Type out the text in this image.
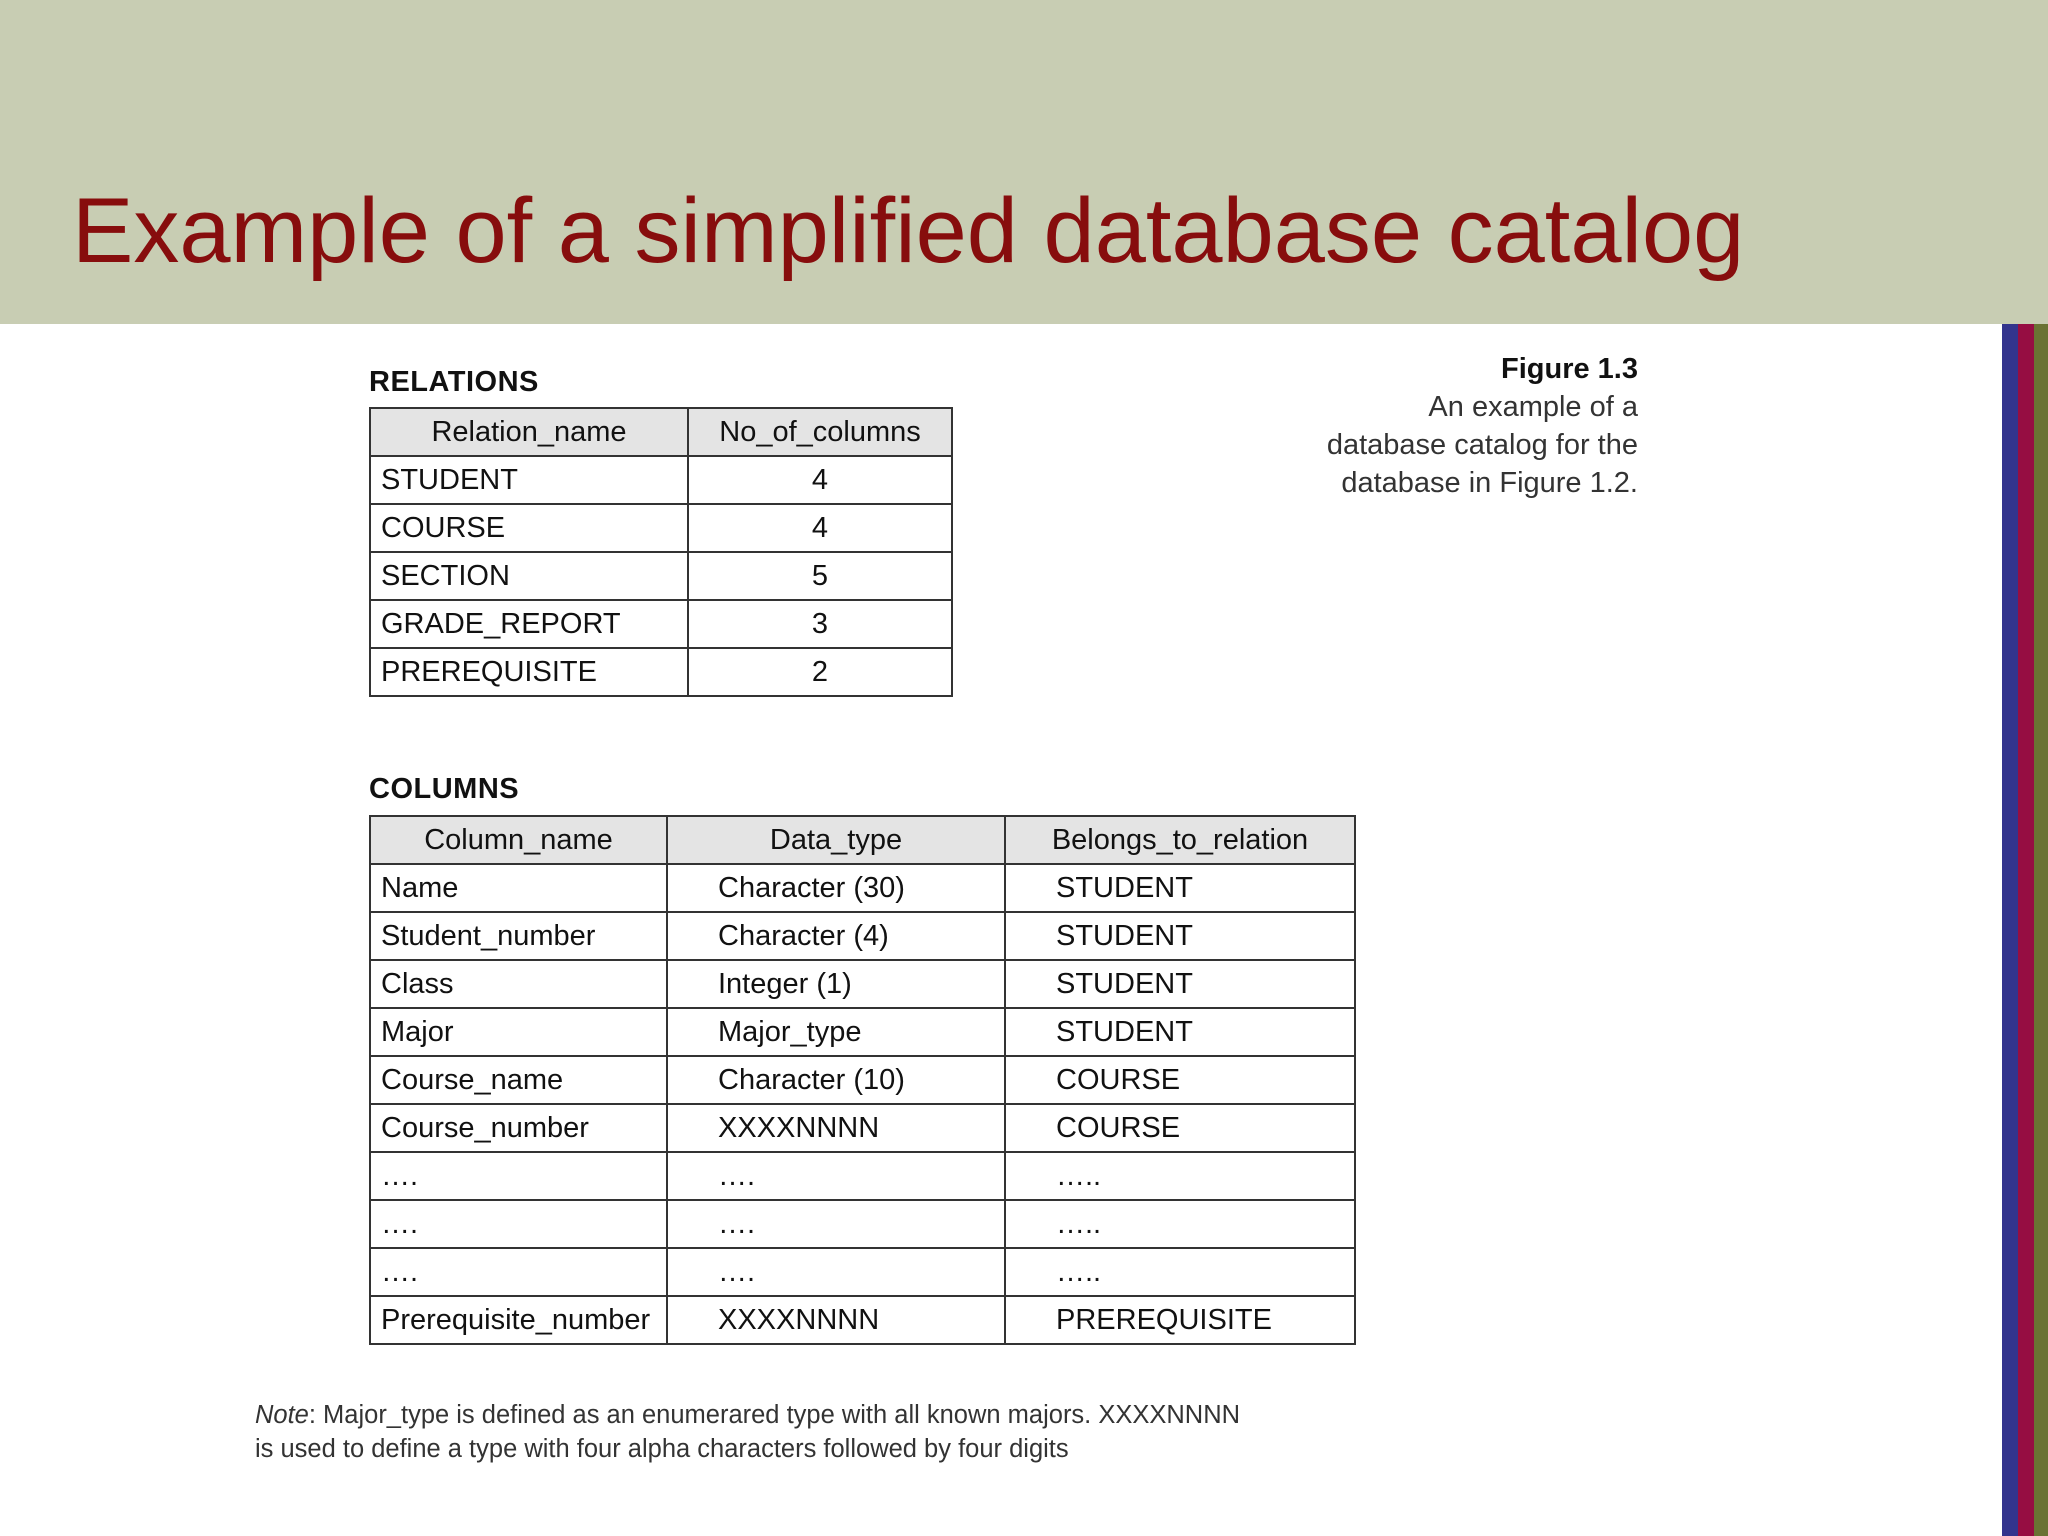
Example of a simplified database catalog
RELATIONS
Relation_name	No_of_columns
STUDENT	4
COURSE	4
SECTION	5
GRADE_REPORT	3
PREREQUISITE	2
COLUMNS
Column_name	Data_type	Belongs_to_relation
Name	Character (30)	STUDENT
Student_number	Character (4)	STUDENT
Class	Integer (1)	STUDENT
Major	Major_type	STUDENT
Course_name	Character (10)	COURSE
Course_number	XXXXNNNN	COURSE
….	….	…..
….	….	…..
….	….	…..
Prerequisite_number	XXXXNNNN	PREREQUISITE
Figure 1.3
An example of a
database catalog for the
database in Figure 1.2.
Note: Major_type is defined as an enumerared type with all known majors. XXXXNNNN
is used to define a type with four alpha characters followed by four digits
